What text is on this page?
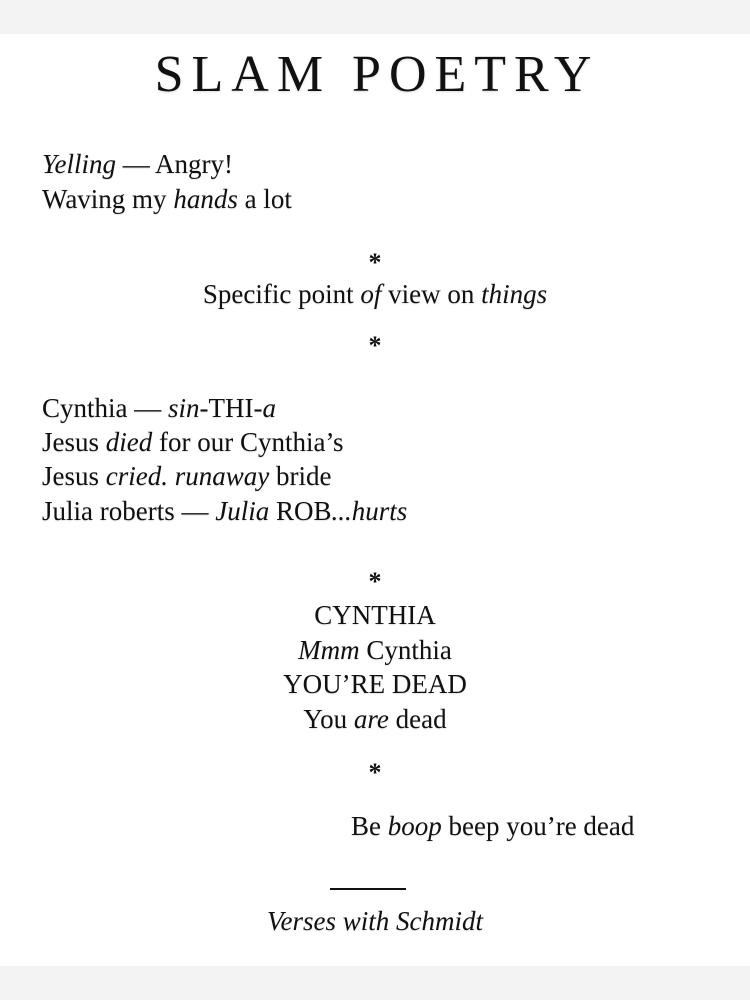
SLAM POETRY
Yelling — Angry!
Waving my hands a lot
*
Specific point of view on things
*
Cynthia — sin-THI-a
Jesus died for our Cynthia’s
Jesus cried. runaway bride
Julia roberts — Julia ROB...hurts
*
CYNTHIA
Mmm Cynthia
YOU’RE DEAD
You are dead
*
Be boop beep you’re dead
Verses with Schmidt
